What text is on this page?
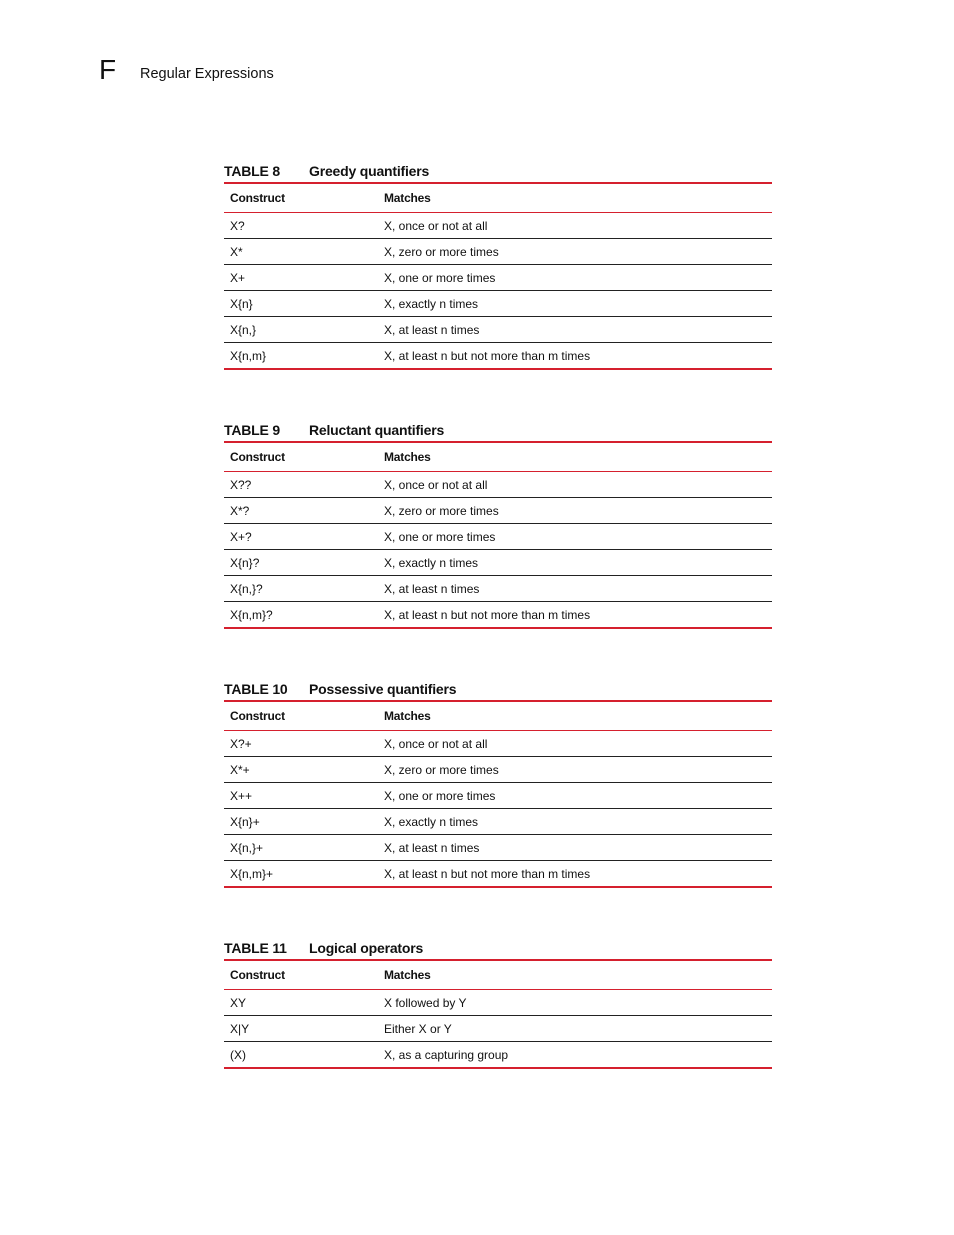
F Regular Expressions
TABLE 8	Greedy quantifiers
Construct	Matches
X?	X, once or not at all
X*	X, zero or more times
X+	X, one or more times
X{n}	X, exactly n times
X{n,}	X, at least n times
X{n,m}	X, at least n but not more than m times
TABLE 9	Reluctant quantifiers
Construct	Matches
X??	X, once or not at all
X*?	X, zero or more times
X+?	X, one or more times
X{n}?	X, exactly n times
X{n,}?	X, at least n times
X{n,m}?	X, at least n but not more than m times
TABLE 10	Possessive quantifiers
Construct	Matches
X?+	X, once or not at all
X*+	X, zero or more times
X++	X, one or more times
X{n}+	X, exactly n times
X{n,}+	X, at least n times
X{n,m}+	X, at least n but not more than m times
TABLE 11	Logical operators
Construct	Matches
XY	X followed by Y
X|Y	Either X or Y
(X)	X, as a capturing group
